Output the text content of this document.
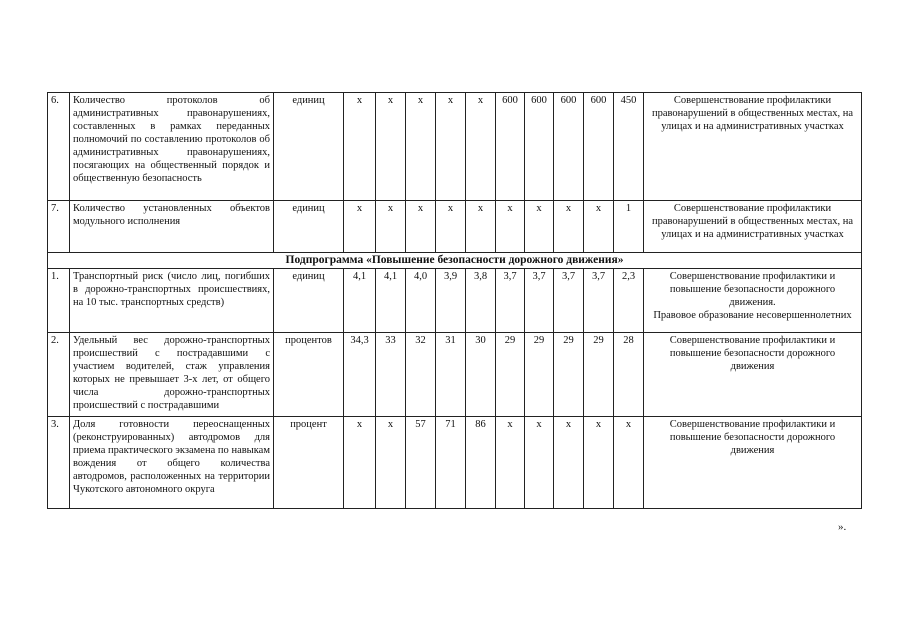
6.	Количество протоколов об административных правонарушениях, составленных в рамках переданных полномочий по составлению протоколов об административных правонарушениях, посягающих на общественный порядок и общественную безопасность	единиц	х	х	х	х	х	600	600	600	600	450	Совершенствование профилактики правонарушений в общественных местах, на улицах и на административных участках

7.	Количество установленных объектов модульного исполнения	единиц	х	х	х	х	х	х	х	х	х	1	Совершенствование профилактики правонарушений в общественных местах, на улицах и на административных участках

Подпрограмма «Повышение безопасности дорожного движения»													
1.	Транспортный риск (число лиц, погибших в дорожно-транспортных происшествиях, на 10 тыс. транспортных средств)	единиц	4,1	4,1	4,0	3,9	3,8	3,7	3,7	3,7	3,7	2,3	Совершенствование профилактики и повышение безопасности дорожного движения.
Правовое образование несовершеннолетних

2.	Удельный вес дорожно-транспортных происшествий с пострадавшими с участием водителей, стаж управления которых не превышает 3-х лет, от общего числа дорожно-транспортных происшествий с пострадавшими	процентов	34,3	33	32	31	30	29	29	29	29	28	Совершенствование профилактики и повышение безопасности дорожного движения

3.	Доля готовности переоснащенных (реконструированных) автодромов для приема практического экзамена по навыкам вождения от общего количества автодромов, расположенных на территории Чукотского автономного округа	процент	х	х	57	71	86	х	х	х	х	х	Совершенствование профилактики и повышение безопасности дорожного движения
».
